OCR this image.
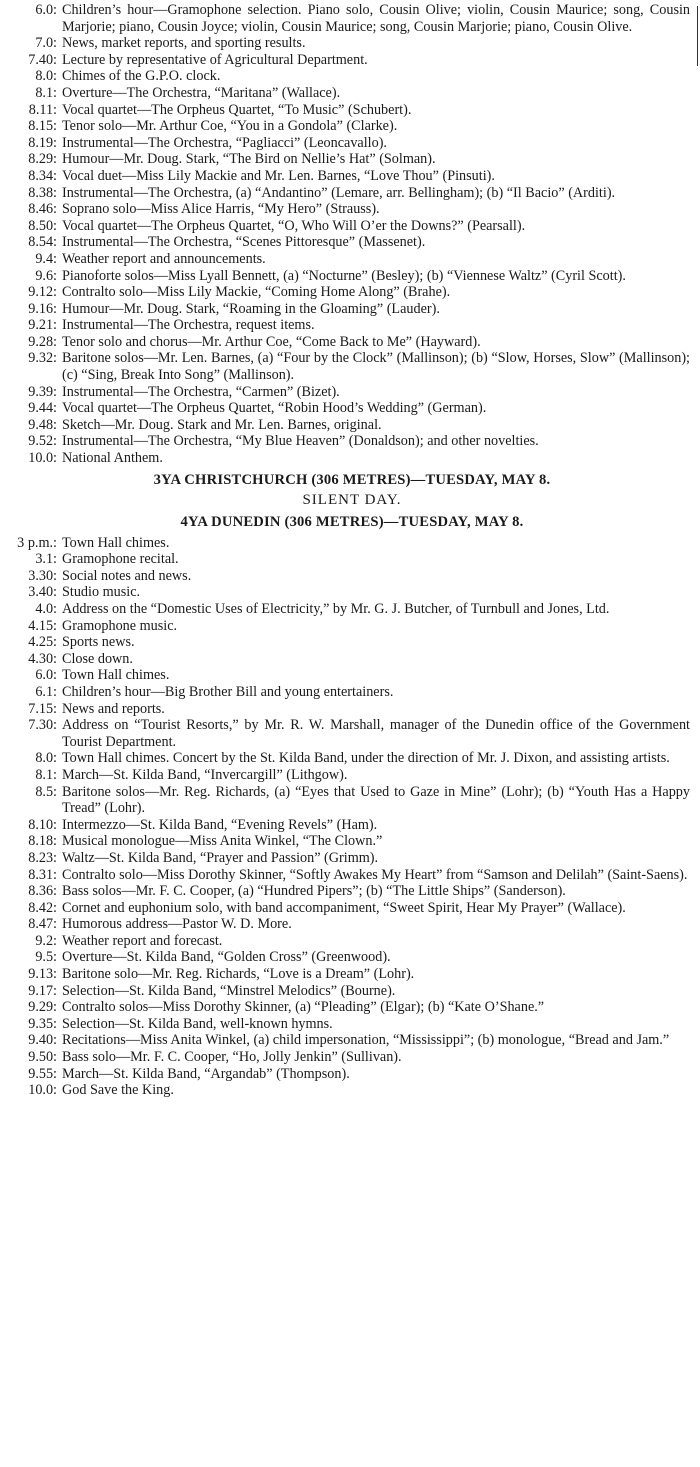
6.0 : Children’s hour—Gramophone selection. Piano solo, Cousin Olive; violin, Cousin Maurice; song, Cousin Marjorie; piano, Cousin Joyce; violin, Cousin Maurice; song, Cousin Marjorie; piano, Cousin Olive.
7.0 : News, market reports, and sporting results.
7.40 : Lecture by representative of Agricultural Department.
8.0 : Chimes of the G.P.O. clock.
8.1 : Overture—The Orchestra, “Maritana” (Wallace).
8.11 : Vocal quartet—The Orpheus Quartet, “To Music” (Schubert).
8.15 : Tenor solo—Mr. Arthur Coe, “You in a Gondola” (Clarke).
8.19 : Instrumental—The Orchestra, “Pagliacci” (Leoncavallo).
8.29 : Humour—Mr. Doug. Stark, “The Bird on Nellie’s Hat” (Solman).
8.34 : Vocal duet—Miss Lily Mackie and Mr. Len. Barnes, “Love Thou” (Pinsuti).
8.38 : Instrumental—The Orchestra, (a) “Andantino” (Lemare, arr. Bellingham); (b) “Il Bacio” (Arditi).
8.46 : Soprano solo—Miss Alice Harris, “My Hero” (Strauss).
8.50 : Vocal quartet—The Orpheus Quartet, “O, Who Will O’er the Downs?” (Pearsall).
8.54 : Instrumental—The Orchestra, “Scenes Pittoresque” (Massenet).
9.4 : Weather report and announcements.
9.6 : Pianoforte solos—Miss Lyall Bennett, (a) “Nocturne” (Besley); (b) “Viennese Waltz” (Cyril Scott).
9.12 : Contralto solo—Miss Lily Mackie, “Coming Home Along” (Brahe).
9.16 : Humour—Mr. Doug. Stark, “Roaming in the Gloaming” (Lauder).
9.21 : Instrumental—The Orchestra, request items.
9.28 : Tenor solo and chorus—Mr. Arthur Coe, “Come Back to Me” (Hayward).
9.32 : Baritone solos—Mr. Len. Barnes, (a) “Four by the Clock” (Mallinson); (b) “Slow, Horses, Slow” (Mallinson); (c) “Sing, Break Into Song” (Mallinson).
9.39 : Instrumental—The Orchestra, “Carmen” (Bizet).
9.44 : Vocal quartet—The Orpheus Quartet, “Robin Hood’s Wedding” (German).
9.48 : Sketch—Mr. Doug. Stark and Mr. Len. Barnes, original.
9.52 : Instrumental—The Orchestra, “My Blue Heaven” (Donaldson); and other novelties.
10.0 : National Anthem.
3YA CHRISTCHURCH (306 METRES)—TUESDAY, MAY 8.
SILENT DAY.
4YA DUNEDIN (306 METRES)—TUESDAY, MAY 8.
3 p.m. : Town Hall chimes.
3.1 : Gramophone recital.
3.30 : Social notes and news.
3.40 : Studio music.
4.0 : Address on the “Domestic Uses of Electricity,” by Mr. G. J. Butcher, of Turnbull and Jones, Ltd.
4.15 : Gramophone music.
4.25 : Sports news.
4.30 : Close down.
6.0 : Town Hall chimes.
6.1 : Children’s hour—Big Brother Bill and young entertainers.
7.15 : News and reports.
7.30 : Address on “Tourist Resorts,” by Mr. R. W. Marshall, manager of the Dunedin office of the Government Tourist Department.
8.0 : Town Hall chimes. Concert by the St. Kilda Band, under the direction of Mr. J. Dixon, and assisting artists.
8.1 : March—St. Kilda Band, “Invercargill” (Lithgow).
8.5 : Baritone solos—Mr. Reg. Richards, (a) “Eyes that Used to Gaze in Mine” (Lohr); (b) “Youth Has a Happy Tread” (Lohr).
8.10 : Intermezzo—St. Kilda Band, “Evening Revels” (Ham).
8.18 : Musical monologue—Miss Anita Winkel, “The Clown.”
8.23 : Waltz—St. Kilda Band, “Prayer and Passion” (Grimm).
8.31 : Contralto solo—Miss Dorothy Skinner, “Softly Awakes My Heart” from “Samson and Delilah” (Saint-Saens).
8.36 : Bass solos—Mr. F. C. Cooper, (a) “Hundred Pipers”; (b) “The Little Ships” (Sanderson).
8.42 : Cornet and euphonium solo, with band accompaniment, “Sweet Spirit, Hear My Prayer” (Wallace).
8.47 : Humorous address—Pastor W. D. More.
9.2 : Weather report and forecast.
9.5 : Overture—St. Kilda Band, “Golden Cross” (Greenwood).
9.13 : Baritone solo—Mr. Reg. Richards, “Love is a Dream” (Lohr).
9.17 : Selection—St. Kilda Band, “Minstrel Melodics” (Bourne).
9.29 : Contralto solos—Miss Dorothy Skinner, (a) “Pleading” (Elgar); (b) “Kate O’Shane.”
9.35 : Selection—St. Kilda Band, well-known hymns.
9.40 : Recitations—Miss Anita Winkel, (a) child impersonation, “Mississippi”; (b) monologue, “Bread and Jam.”
9.50 : Bass solo—Mr. F. C. Cooper, “Ho, Jolly Jenkin” (Sullivan).
9.55 : March—St. Kilda Band, “Argandab” (Thompson).
10.0 : God Save the King.
